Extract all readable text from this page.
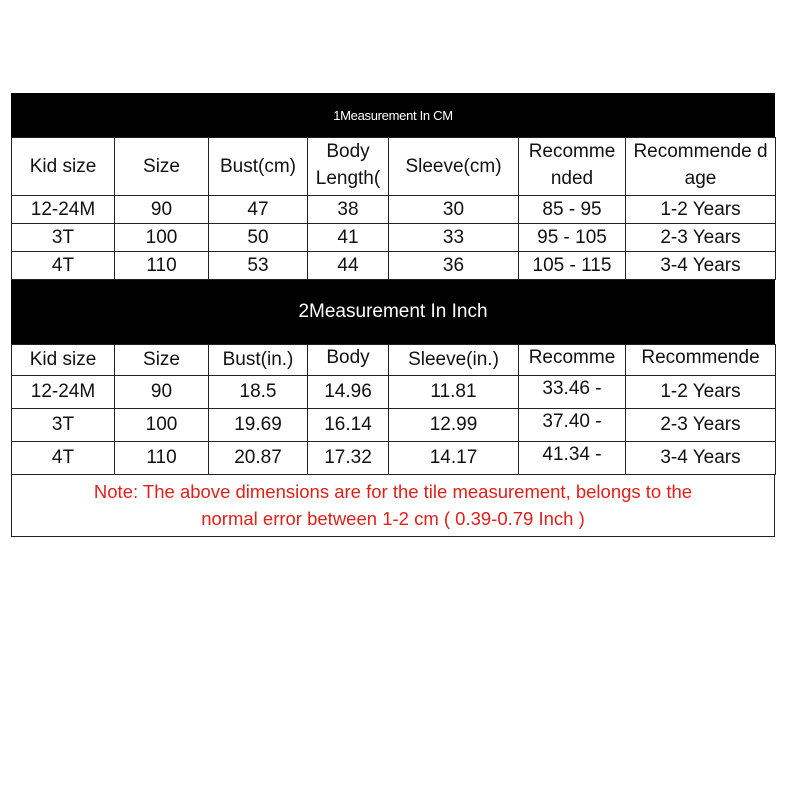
1Measurement In CM
Kid size	Size	Bust(cm)	Body Length(	Sleeve(cm)	Recomme nded	Recommende d age
12-24M	90	47	38	30	85 - 95	1-2 Years
3T	100	50	41	33	95 - 105	2-3 Years
4T	110	53	44	36	105 - 115	3-4 Years
2Measurement In Inch
Kid size	Size	Bust(in.)	Body	Sleeve(in.)	Recomme	Recommende
12-24M	90	18.5	14.96	11.81	33.46 -	1-2 Years
3T	100	19.69	16.14	12.99	37.40 -	2-3 Years
4T	110	20.87	17.32	14.17	41.34 -	3-4 Years
Note: The above dimensions are for the tile measurement, belongs to the
normal error between 1-2 cm ( 0.39-0.79 Inch )
